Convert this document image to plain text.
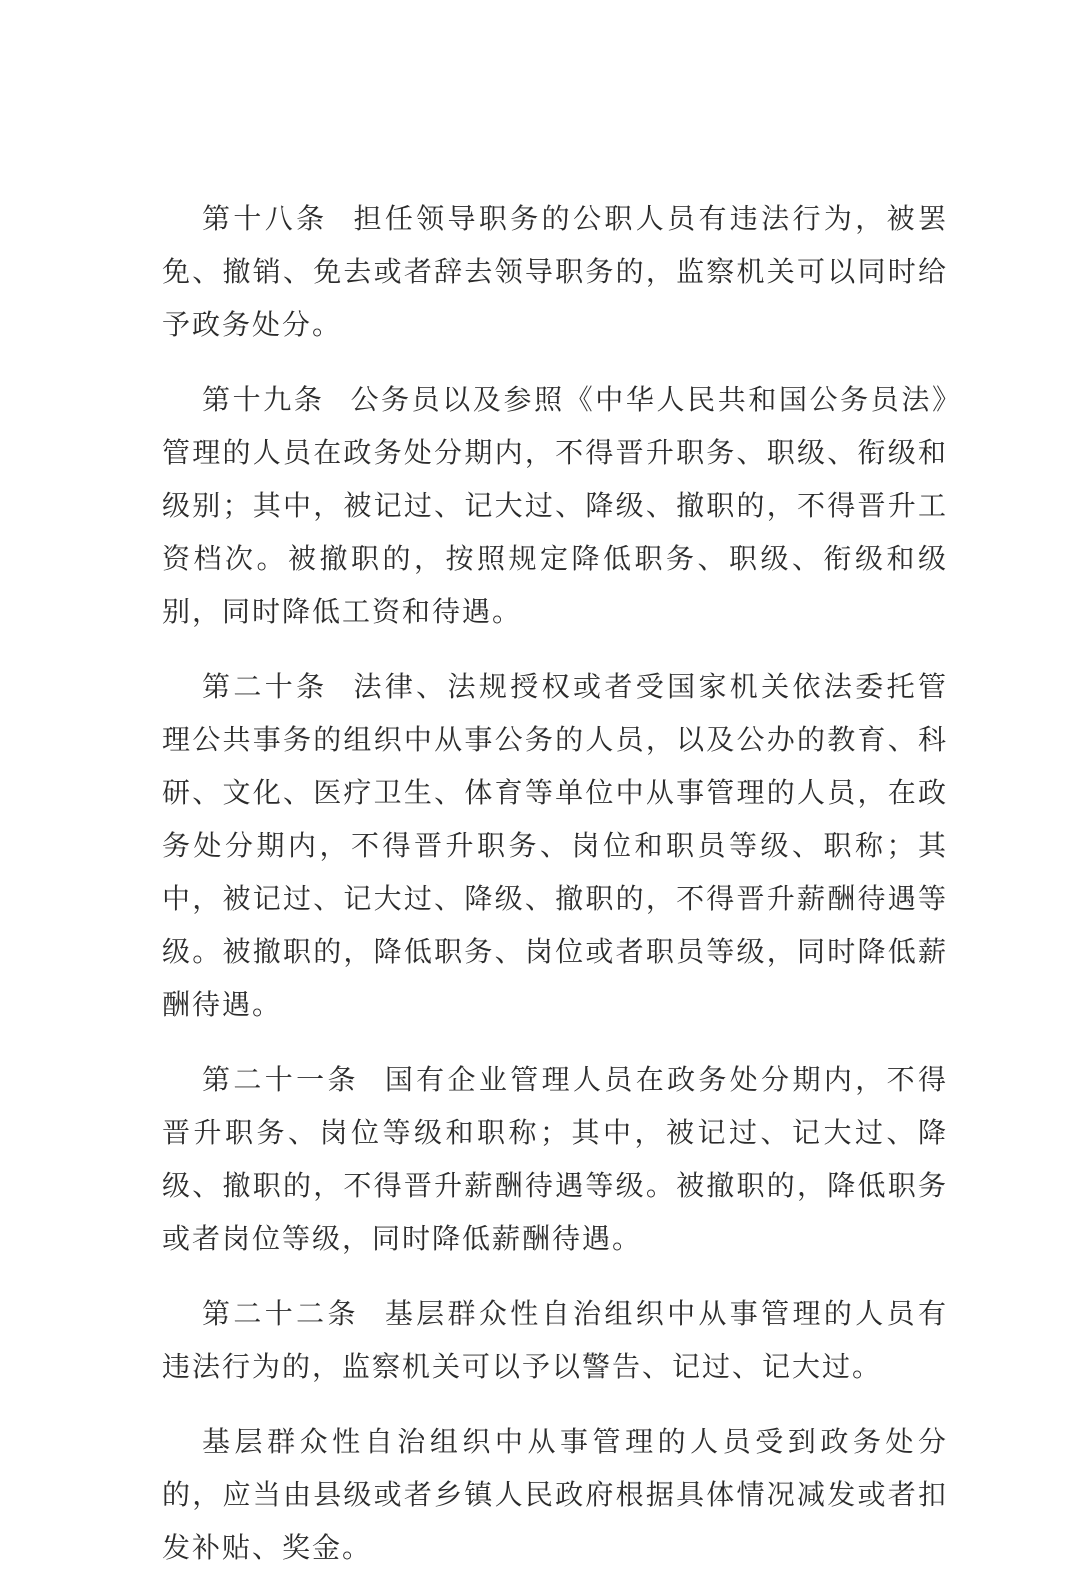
第十八条 担任领导职务的公职人员有违法行为，被罢免、撤销、免去或者辞去领导职务的，监察机关可以同时给予政务处分。

第十九条 公务员以及参照《中华人民共和国公务员法》管理的人员在政务处分期内，不得晋升职务、职级、衔级和级别；其中，被记过、记大过、降级、撤职的，不得晋升工资档次。被撤职的，按照规定降低职务、职级、衔级和级别，同时降低工资和待遇。

第二十条 法律、法规授权或者受国家机关依法委托管理公共事务的组织中从事公务的人员，以及公办的教育、科研、文化、医疗卫生、体育等单位中从事管理的人员，在政务处分期内，不得晋升职务、岗位和职员等级、职称；其中，被记过、记大过、降级、撤职的，不得晋升薪酬待遇等级。被撤职的，降低职务、岗位或者职员等级，同时降低薪酬待遇。

第二十一条 国有企业管理人员在政务处分期内，不得晋升职务、岗位等级和职称；其中，被记过、记大过、降级、撤职的，不得晋升薪酬待遇等级。被撤职的，降低职务或者岗位等级，同时降低薪酬待遇。

第二十二条 基层群众性自治组织中从事管理的人员有违法行为的，监察机关可以予以警告、记过、记大过。

基层群众性自治组织中从事管理的人员受到政务处分的，应当由县级或者乡镇人民政府根据具体情况减发或者扣发补贴、奖金。
